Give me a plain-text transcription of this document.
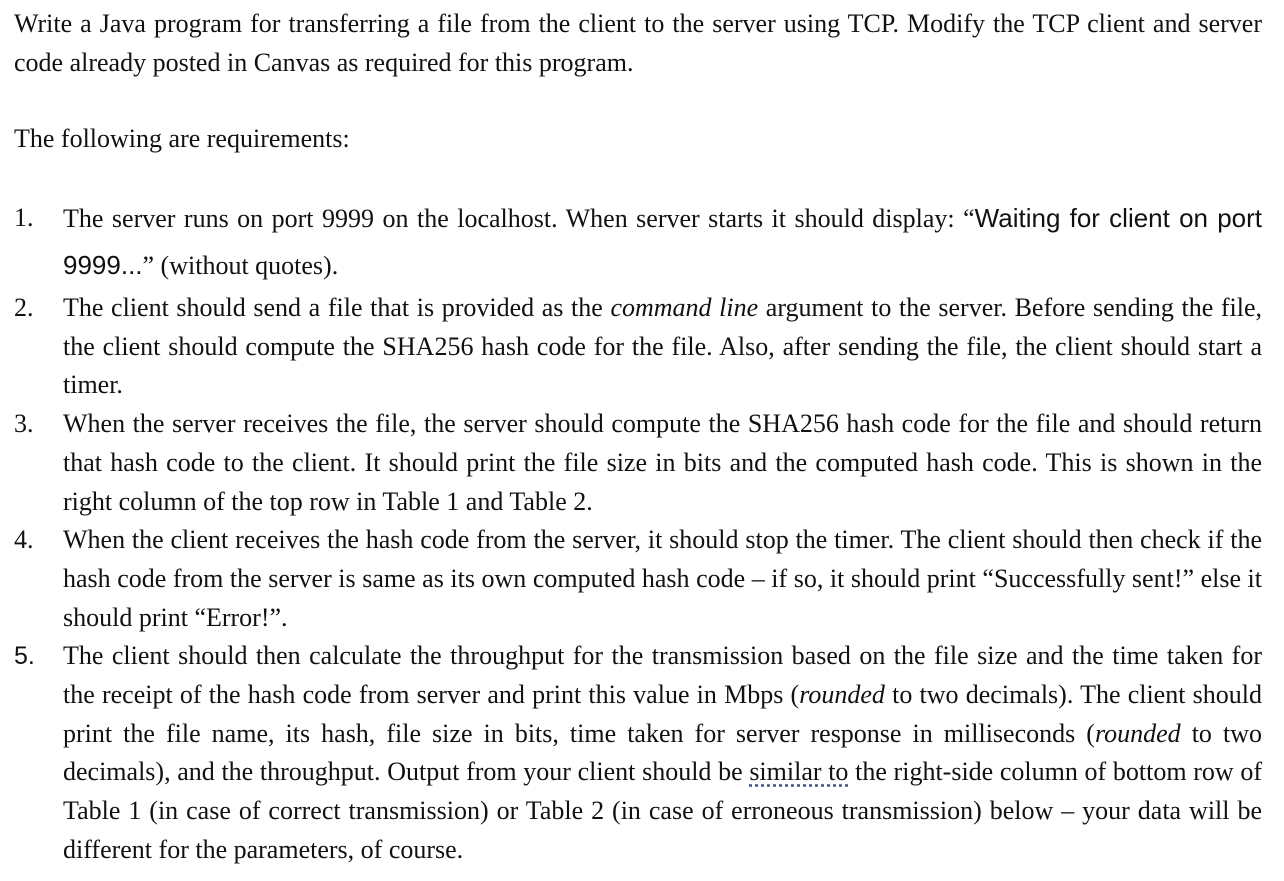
Write a Java program for transferring a file from the client to the server using TCP. Modify the TCP client and server code already posted in Canvas as required for this program.

The following are requirements:

1. The server runs on port 9999 on the localhost. When server starts it should display: “Waiting for client on port 9999...” (without quotes).
2. The client should send a file that is provided as the command line argument to the server. Before sending the file, the client should compute the SHA256 hash code for the file. Also, after sending the file, the client should start a timer.
3. When the server receives the file, the server should compute the SHA256 hash code for the file and should return that hash code to the client. It should print the file size in bits and the computed hash code. This is shown in the right column of the top row in Table 1 and Table 2.
4. When the client receives the hash code from the server, it should stop the timer. The client should then check if the hash code from the server is same as its own computed hash code – if so, it should print “Successfully sent!” else it should print “Error!”.
5. The client should then calculate the throughput for the transmission based on the file size and the time taken for the receipt of the hash code from server and print this value in Mbps (rounded to two decimals). The client should print the file name, its hash, file size in bits, time taken for server response in milliseconds (rounded to two decimals), and the throughput. Output from your client should be similar to the right-side column of bottom row of Table 1 (in case of correct transmission) or Table 2 (in case of erroneous transmission) below – your data will be different for the parameters, of course.
